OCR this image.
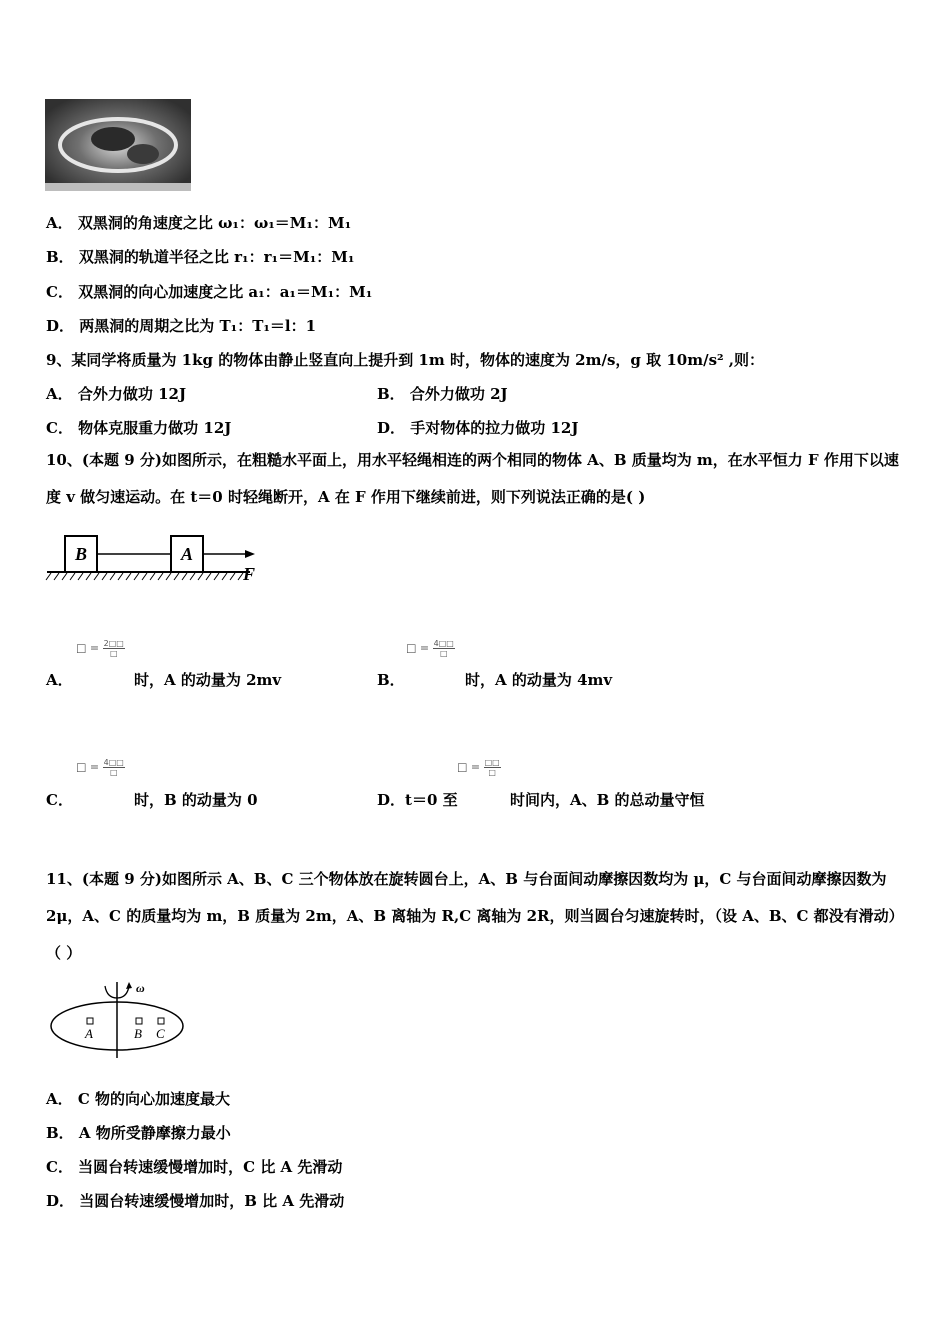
A． 双黑洞的角速度之比 ω₁：ω₁＝M₁：M₁
B． 双黑洞的轨道半径之比 r₁：r₁＝M₁：M₁
C． 双黑洞的向心加速度之比 a₁：a₁＝M₁：M₁
D． 两黑洞的周期之比为 T₁：T₁＝l：1
9、某同学将质量为 1kg 的物体由静止竖直向上提升到 1m 时，物体的速度为 2m/s，g 取 10m/s² ,则：
A． 合外力做功 12J	B． 合外力做功 2J
C． 物体克服重力做功 12J	D． 手对物体的拉力做功 12J
10、(本题 9 分)如图所示，在粗糙水平面上，用水平轻绳相连的两个相同的物体 A、B 质量均为 m，在水平恒力 F 作用下以速度 v 做匀速运动。在 t＝0 时轻绳断开，A 在 F 作用下继续前进，则下列说法正确的是( )
B	A
F
A．
□ = 2□□
□
时，A 的动量为 2mv	B．
□ = 4□□
□
时，A 的动量为 4mv
C．
□ = 4□□
□
时，B 的动量为 0	D．t＝0 至
□ = □□
□
时间内，A、B 的总动量守恒
11、(本题 9 分)如图所示 A、B、C 三个物体放在旋转圆台上，A、B 与台面间动摩擦因数均为 μ，C 与台面间动摩擦因数为 2μ，A、C 的质量均为 m，B 质量为 2m，A、B 离轴为 R,C 离轴为 2R，则当圆台匀速旋转时，（设 A、B、C 都没有滑动）（ ）
ω
A	B C
A． C 物的向心加速度最大
B． A 物所受静摩擦力最小
C． 当圆台转速缓慢增加时，C 比 A 先滑动
D． 当圆台转速缓慢增加时，B 比 A 先滑动
